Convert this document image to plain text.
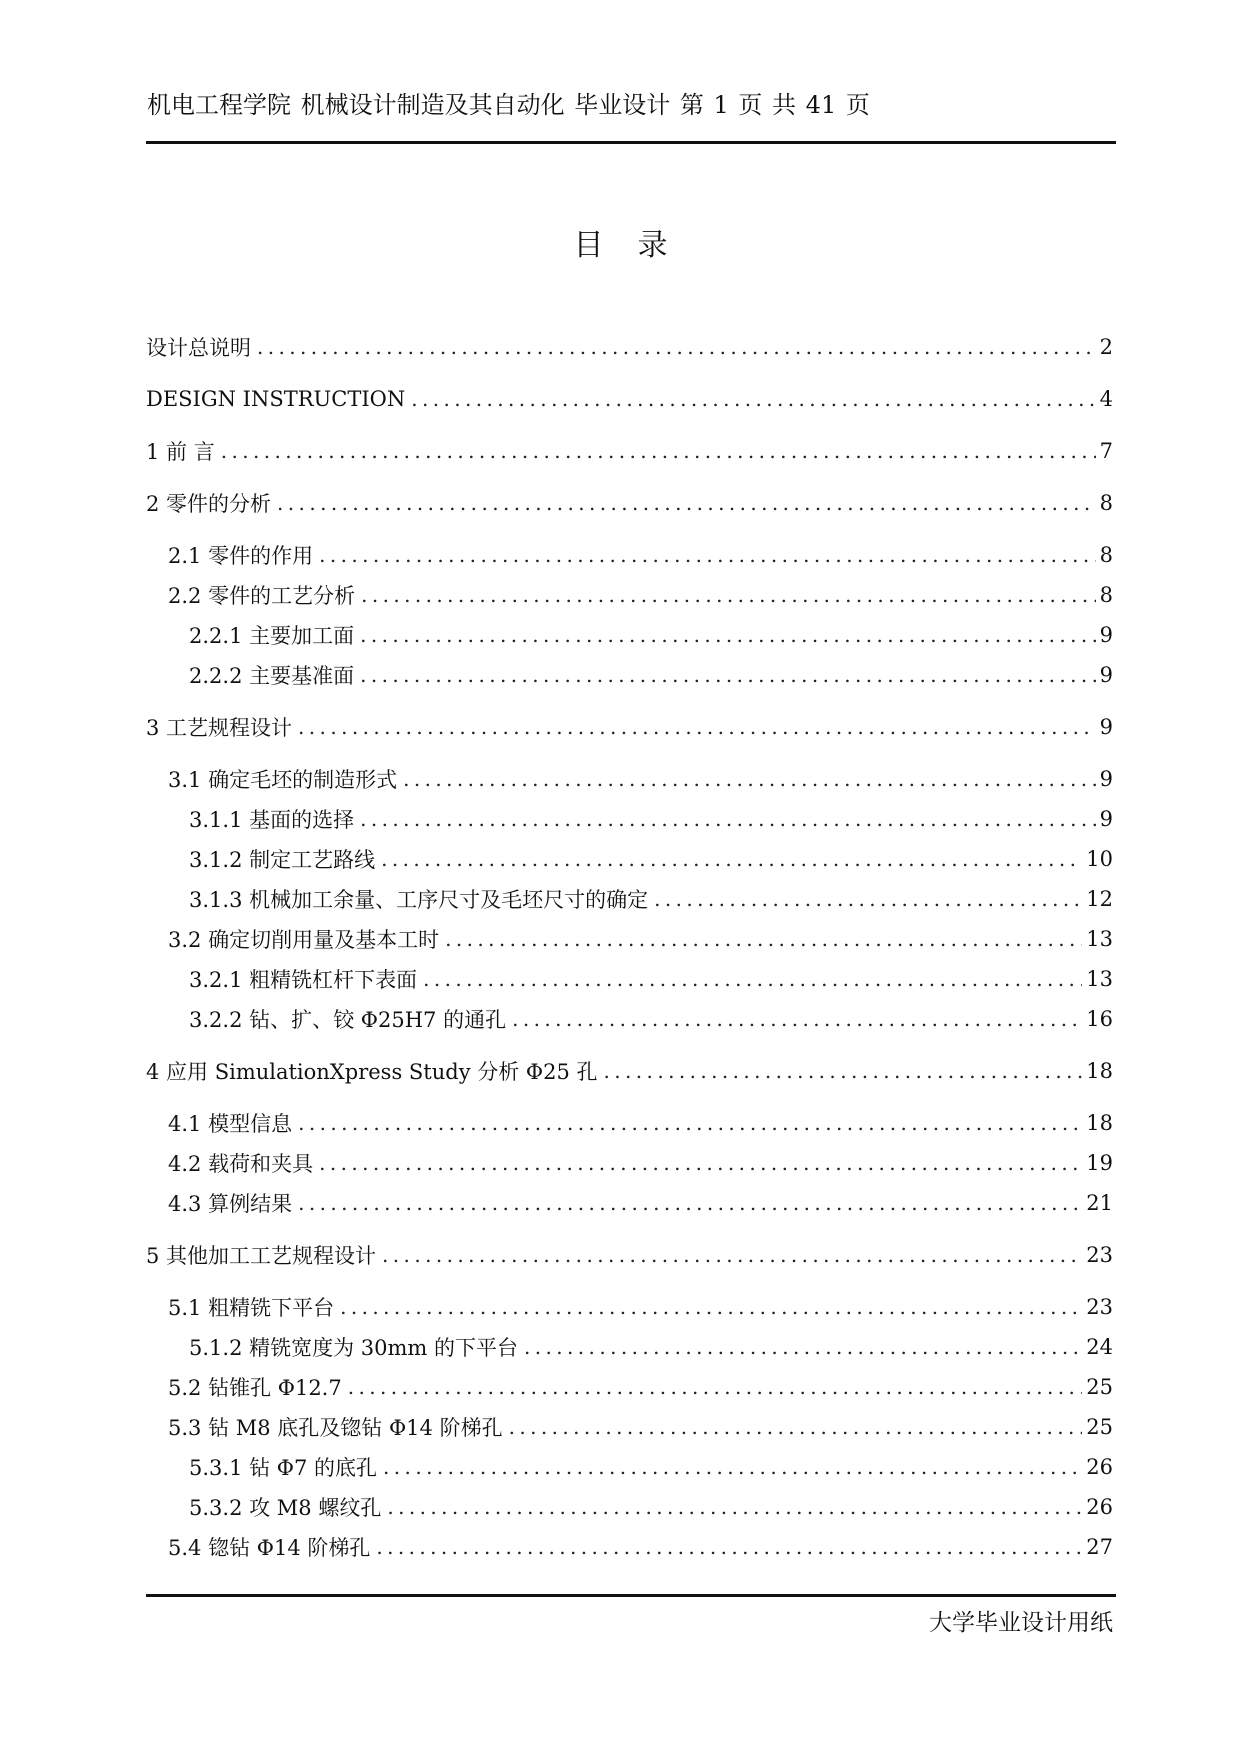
机电工程学院 机械设计制造及其自动化 毕业设计 第 1 页 共 41 页
目录
设计总说明 .....	2
DESIGN INSTRUCTION .....	4
1 前 言 .....	7
2 零件的分析 .....	8
2.1 零件的作用 .....	8
2.2 零件的工艺分析 .....	8
2.2.1 主要加工面 .....	9
2.2.2 主要基准面 .....	9
3 工艺规程设计 .....	9
3.1 确定毛坯的制造形式 .....	9
3.1.1 基面的选择 .....	9
3.1.2 制定工艺路线 .....	10
3.1.3 机械加工余量、工序尺寸及毛坯尺寸的确定 .....	12
3.2 确定切削用量及基本工时 .....	13
3.2.1 粗精铣杠杆下表面 .....	13
3.2.2 钻、扩、铰 Φ25H7 的通孔 .....	16
4 应用 SimulationXpress Study 分析 Φ25 孔 .....	18
4.1 模型信息 .....	18
4.2 载荷和夹具 .....	19
4.3 算例结果 .....	21
5 其他加工工艺规程设计 .....	23
5.1 粗精铣下平台 .....	23
5.1.2 精铣宽度为 30mm 的下平台 .....	24
5.2 钻锥孔 Φ12.7 .....	25
5.3 钻 M8 底孔及锪钻 Φ14 阶梯孔 .....	25
5.3.1 钻 Φ7 的底孔 .....	26
5.3.2 攻 M8 螺纹孔 .....	26
5.4 锪钻 Φ14 阶梯孔 .....	27
大学毕业设计用纸
